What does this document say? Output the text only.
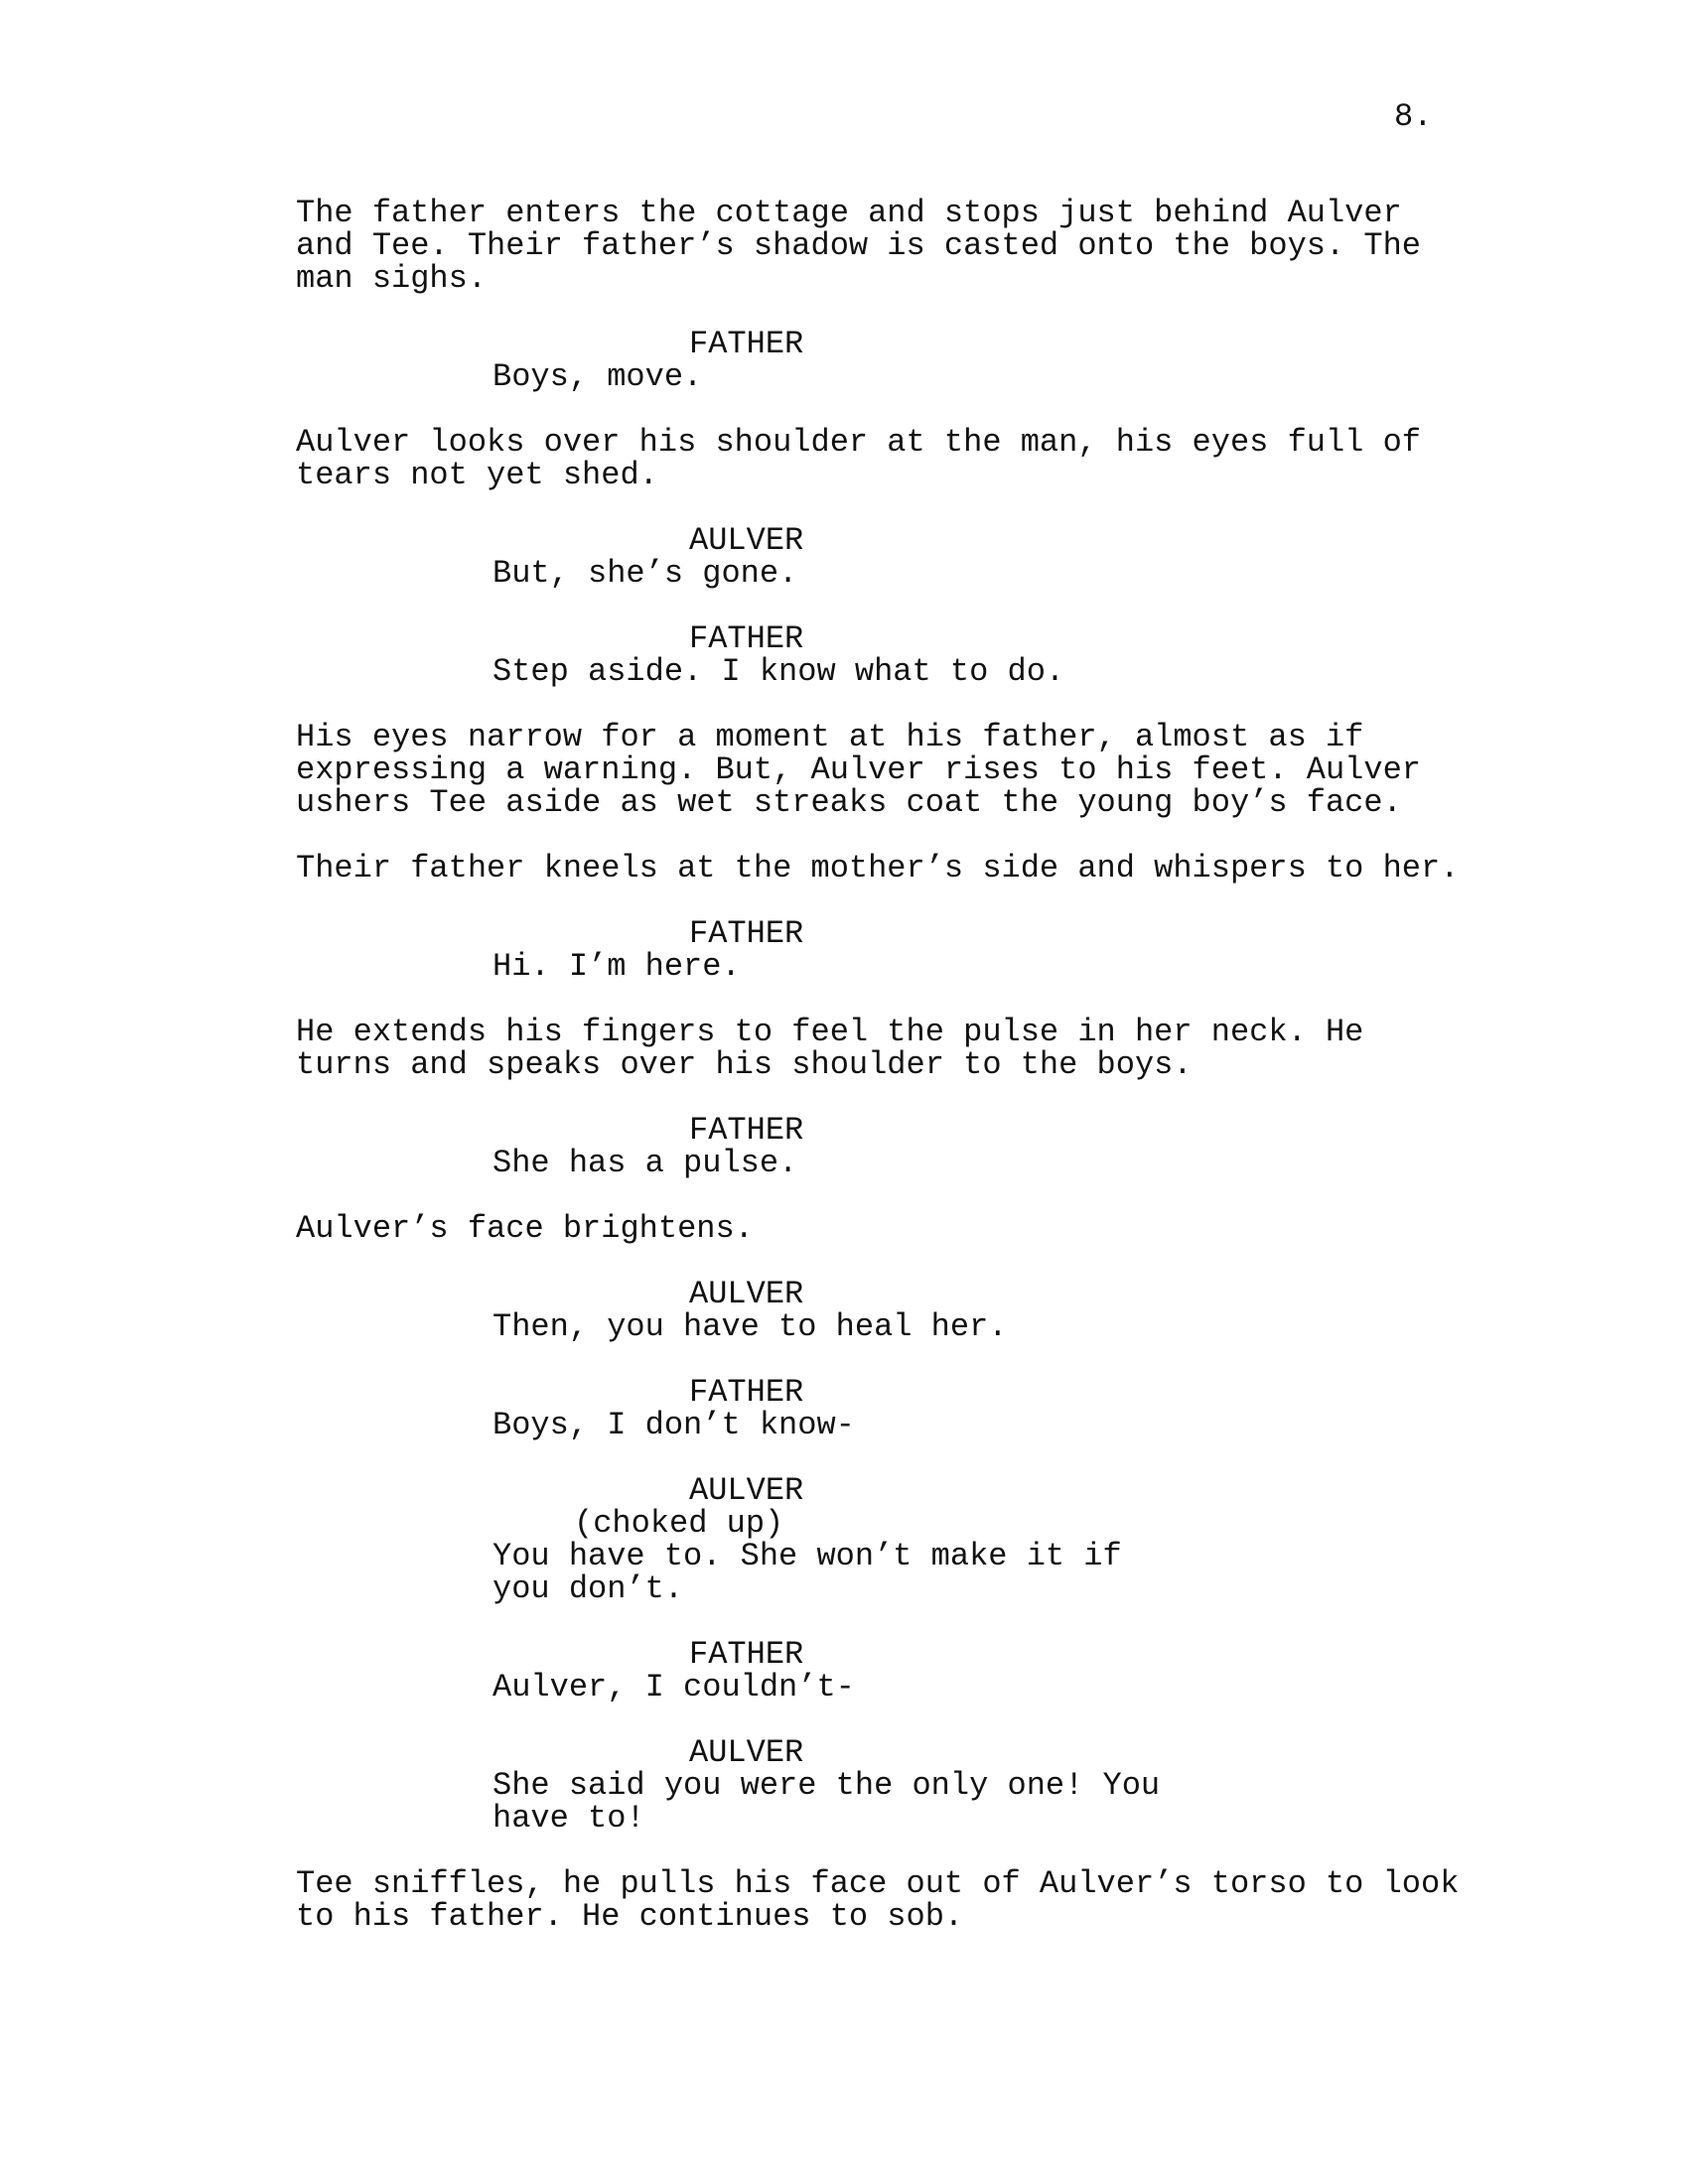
8.
The father enters the cottage and stops just behind Aulver
and Tee. Their father’s shadow is casted onto the boys. The
man sighs.
FATHER
Boys, move.
Aulver looks over his shoulder at the man, his eyes full of
tears not yet shed.
AULVER
But, she’s gone.
FATHER
Step aside. I know what to do.
His eyes narrow for a moment at his father, almost as if
expressing a warning. But, Aulver rises to his feet. Aulver
ushers Tee aside as wet streaks coat the young boy’s face.
Their father kneels at the mother’s side and whispers to her.
FATHER
Hi. I’m here.
He extends his fingers to feel the pulse in her neck. He
turns and speaks over his shoulder to the boys.
FATHER
She has a pulse.
Aulver’s face brightens.
AULVER
Then, you have to heal her.
FATHER
Boys, I don’t know-
AULVER
(choked up)
You have to. She won’t make it if
you don’t.
FATHER
Aulver, I couldn’t-
AULVER
She said you were the only one! You
have to!
Tee sniffles, he pulls his face out of Aulver’s torso to look
to his father. He continues to sob.
